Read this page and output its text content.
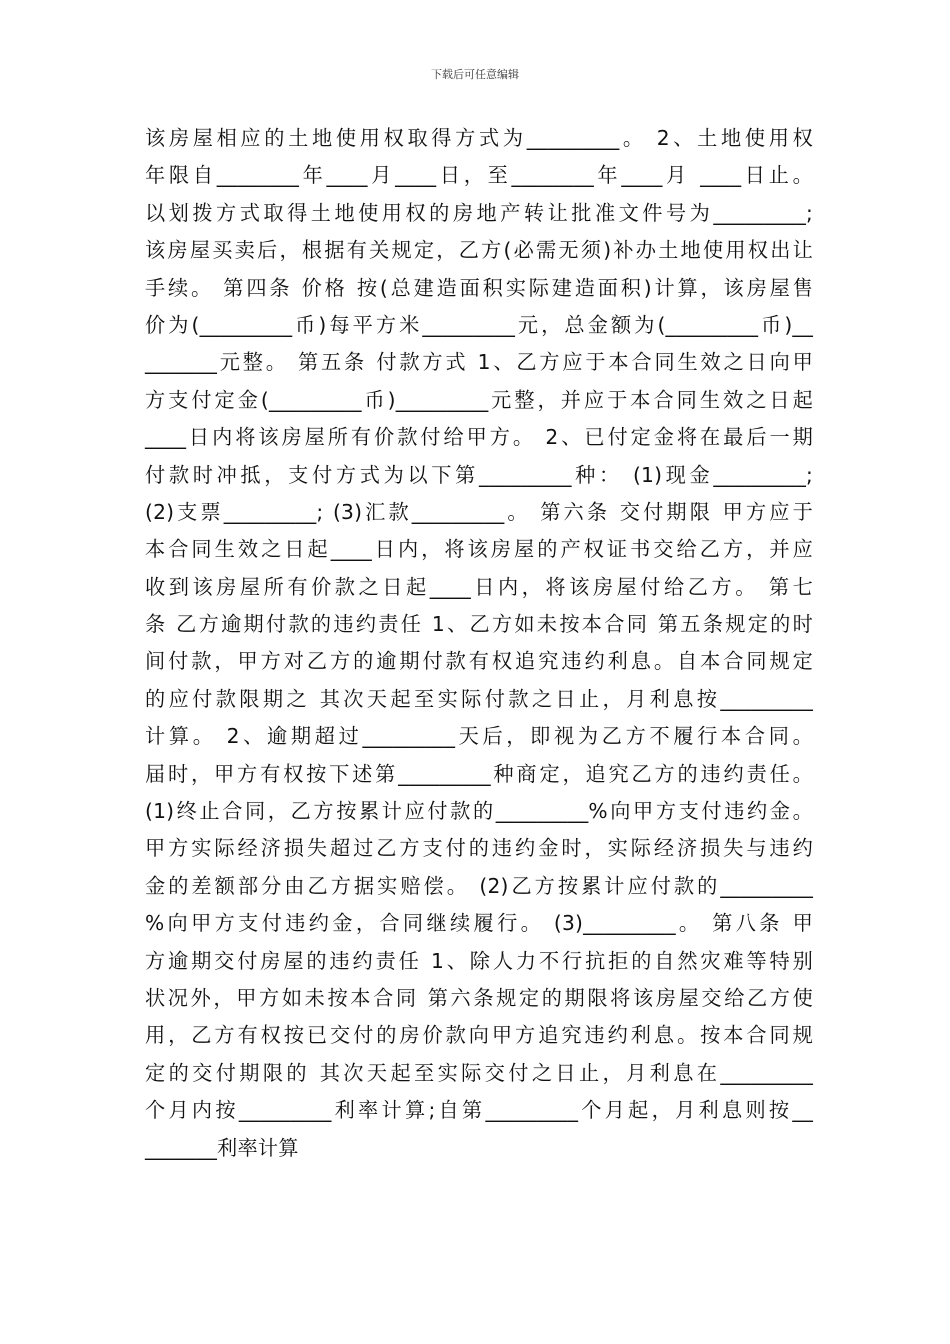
下载后可任意编辑
该房屋相应的土地使用权取得方式为_________。 2、土地使用权
年限自________年____月____日，至________年____月 ____日止。
以划拨方式取得土地使用权的房地产转让批准文件号为_________;
该房屋买卖后，根据有关规定，乙方(必需无须)补办土地使用权出让
手续。 第四条 价格 按(总建造面积实际建造面积)计算，该房屋售
价为(_________币)每平方米_________元，总金额为(_________币)__
_______元整。 第五条 付款方式 1、乙方应于本合同生效之日向甲
方支付定金(_________币)_________元整，并应于本合同生效之日起
____日内将该房屋所有价款付给甲方。 2、已付定金将在最后一期
付款时冲抵，支付方式为以下第_________种： (1)现金_________;
(2)支票_________; (3)汇款_________。 第六条 交付期限 甲方应于
本合同生效之日起____日内，将该房屋的产权证书交给乙方，并应
收到该房屋所有价款之日起____日内，将该房屋付给乙方。 第七
条 乙方逾期付款的违约责任 1、乙方如未按本合同 第五条规定的时
间付款，甲方对乙方的逾期付款有权追究违约利息。自本合同规定
的应付款限期之 其次天起至实际付款之日止，月利息按_________
计算。 2、逾期超过_________天后，即视为乙方不履行本合同。
届时，甲方有权按下述第_________种商定，追究乙方的违约责任。
(1)终止合同，乙方按累计应付款的_________%向甲方支付违约金。
甲方实际经济损失超过乙方支付的违约金时，实际经济损失与违约
金的差额部分由乙方据实赔偿。 (2)乙方按累计应付款的_________
%向甲方支付违约金，合同继续履行。 (3)_________。 第八条 甲
方逾期交付房屋的违约责任 1、除人力不行抗拒的自然灾难等特别
状况外，甲方如未按本合同 第六条规定的期限将该房屋交给乙方使
用，乙方有权按已交付的房价款向甲方追究违约利息。按本合同规
定的交付期限的 其次天起至实际交付之日止，月利息在_________
个月内按_________利率计算;自第_________个月起，月利息则按__
_______利率计算
